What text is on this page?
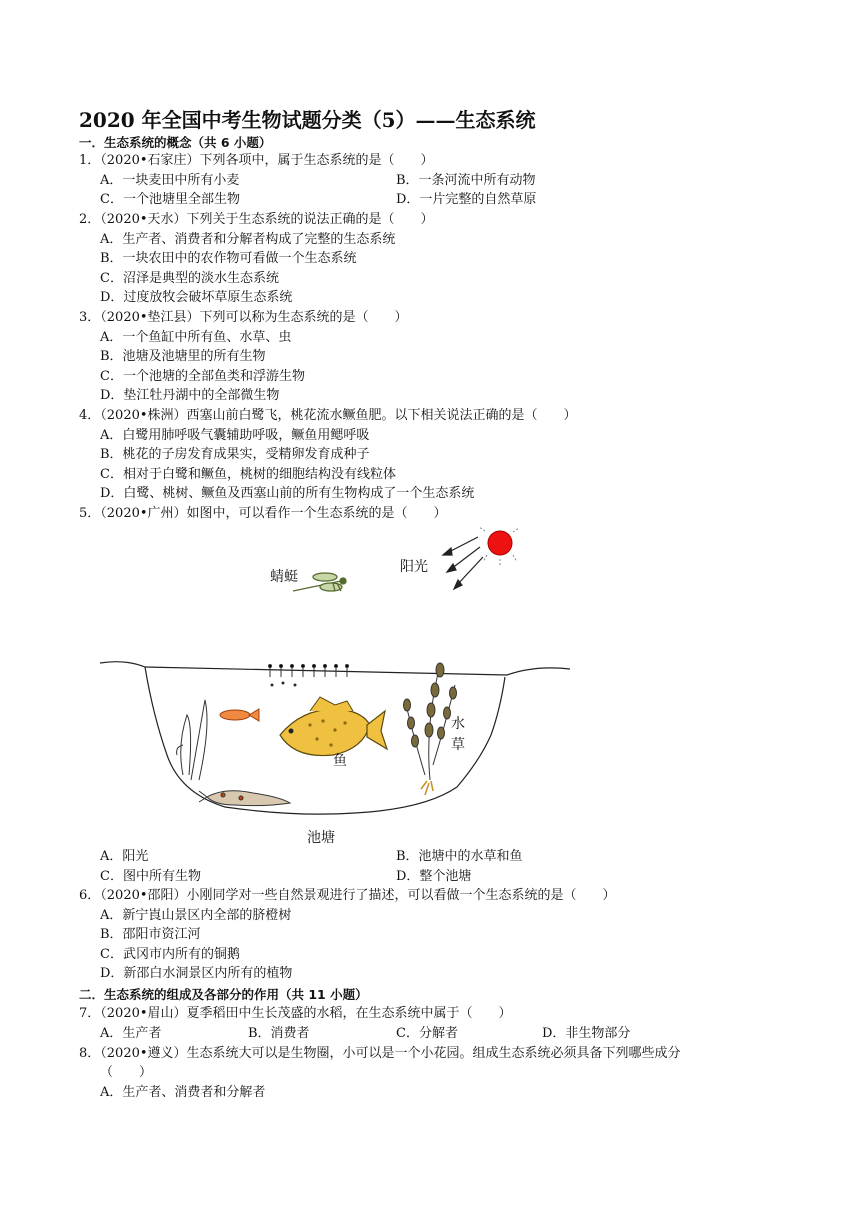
2020 年全国中考生物试题分类（5）——生态系统
一．生态系统的概念（共 6 小题）
1．（2020•石家庄）下列各项中，属于生态系统的是（　　）
A．一块麦田中所有小麦	B．一条河流中所有动物
C．一个池塘里全部生物	D．一片完整的自然草原
2．（2020•天水）下列关于生态系统的说法正确的是（　　）
A．生产者、消费者和分解者构成了完整的生态系统
B．一块农田中的农作物可看做一个生态系统
C．沼泽是典型的淡水生态系统
D．过度放牧会破坏草原生态系统
3．（2020•垫江县）下列可以称为生态系统的是（　　）
A．一个鱼缸中所有鱼、水草、虫
B．池塘及池塘里的所有生物
C．一个池塘的全部鱼类和浮游生物
D．垫江牡丹湖中的全部微生物
4．（2020•株洲）西塞山前白鹭飞，桃花流水鳜鱼肥。以下相关说法正确的是（　　）
A．白鹭用肺呼吸气囊辅助呼吸，鳜鱼用鳃呼吸
B．桃花的子房发育成果实，受精卵发育成种子
C．相对于白鹭和鳜鱼，桃树的细胞结构没有线粒体
D．白鹭、桃树、鳜鱼及西塞山前的所有生物构成了一个生态系统
5．（2020•广州）如图中，可以看作一个生态系统的是（　　）
阳光
蜻蜓
鱼
水
草
池塘
A．阳光	B．池塘中的水草和鱼
C．图中所有生物	D．整个池塘
6．（2020•邵阳）小刚同学对一些自然景观进行了描述，可以看做一个生态系统的是（　　）
A．新宁崀山景区内全部的脐橙树
B．邵阳市资江河
C．武冈市内所有的铜鹅
D．新邵白水洞景区内所有的植物
二．生态系统的组成及各部分的作用（共 11 小题）
7．（2020•眉山）夏季稻田中生长茂盛的水稻，在生态系统中属于（　　）
A．生产者	B．消费者	C．分解者	D．非生物部分
8．（2020•遵义）生态系统大可以是生物圈，小可以是一个小花园。组成生态系统必须具备下列哪些成分
（　　）
A．生产者、消费者和分解者
